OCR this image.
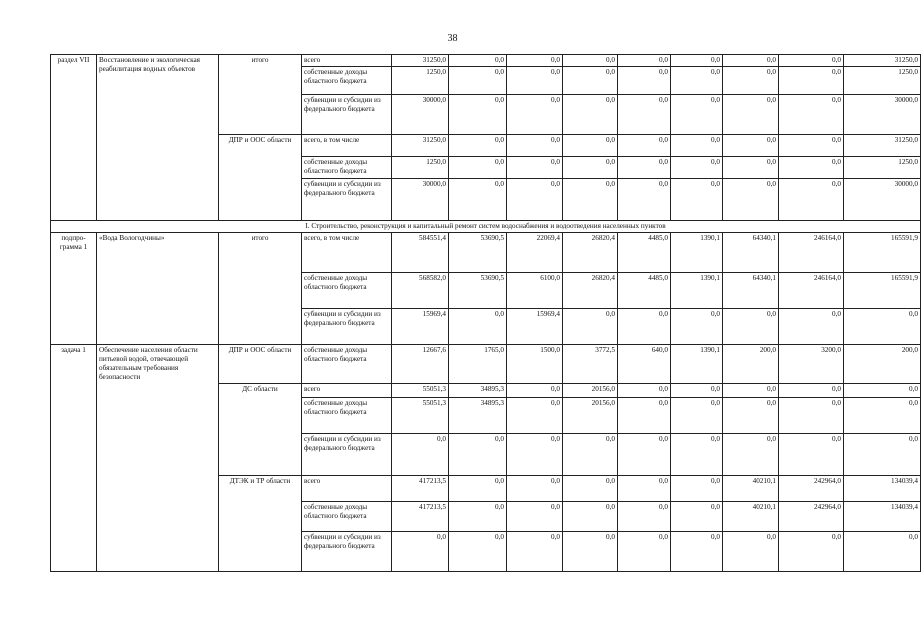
38
раздел VII	Восстановление и экологическая реабилитация водных объектов	итого	всего	31250,0	0,0	0,0	0,0	0,0	0,0	0,0	0,0	31250,0
			собственные доходы областного бюджета	1250,0	0,0	0,0	0,0	0,0	0,0	0,0	0,0	1250,0
			субвенции и субсидии из федерального бюджета	30000,0	0,0	0,0	0,0	0,0	0,0	0,0	0,0	30000,0
		ДПР и ООС области	всего, в том числе	31250,0	0,0	0,0	0,0	0,0	0,0	0,0	0,0	31250,0
			собственные доходы областного бюджета	1250,0	0,0	0,0	0,0	0,0	0,0	0,0	0,0	1250,0
			субвенции и субсидии из федерального бюджета	30000,0	0,0	0,0	0,0	0,0	0,0	0,0	0,0	30000,0
I. Строительство, реконструкция и капитальный ремонт систем водоснабжения и водоотведения населенных пунктов												
подпро-грамма 1	«Вода Вологодчины»	итого	всего, в том числе	584551,4	53690,5	22069,4	26820,4	4485,0	1390,1	64340,1	246164,0	165591,9
			собственные доходы областного бюджета	568582,0	53690,5	6100,0	26820,4	4485,0	1390,1	64340,1	246164,0	165591,9
			субвенции и субсидии из федерального бюджета	15969,4	0,0	15969,4	0,0	0,0	0,0	0,0	0,0	0,0
задача 1	Обеспечение населения области питьевой водой, отвечающей обязательным требования безопасности	ДПР и ООС области	собственные доходы областного бюджета	12667,6	1765,0	1500,0	3772,5	640,0	1390,1	200,0	3200,0	200,0
		ДС области	всего	55051,3	34895,3	0,0	20156,0	0,0	0,0	0,0	0,0	0,0
			собственные доходы областного бюджета	55051,3	34895,3	0,0	20156,0	0,0	0,0	0,0	0,0	0,0
			субвенции и субсидии из федерального бюджета	0,0	0,0	0,0	0,0	0,0	0,0	0,0	0,0	0,0
		ДТЭК и ТР области	всего	417213,5	0,0	0,0	0,0	0,0	0,0	40210,1	242964,0	134039,4
			собственные доходы областного бюджета	417213,5	0,0	0,0	0,0	0,0	0,0	40210,1	242964,0	134039,4
			субвенции и субсидии из федерального бюджета	0,0	0,0	0,0	0,0	0,0	0,0	0,0	0,0	0,0
